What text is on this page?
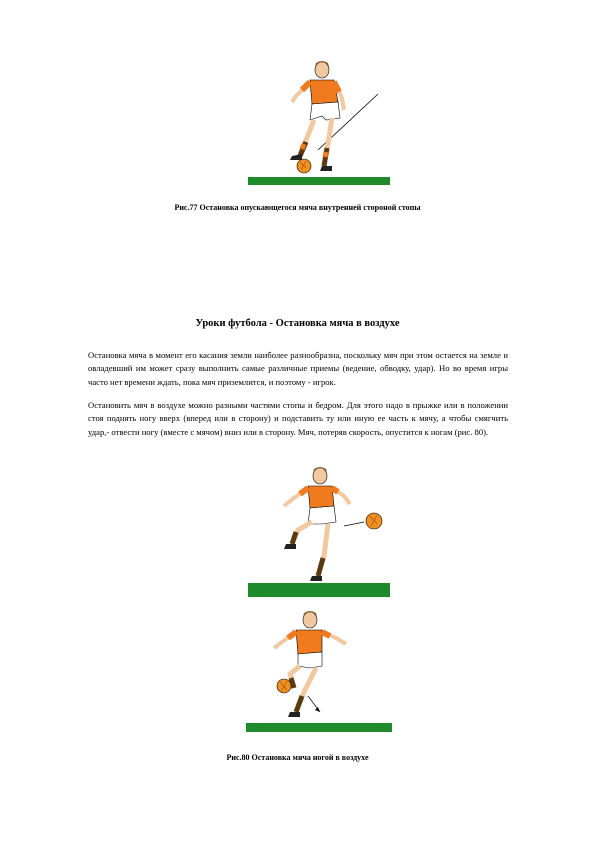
Рис.77 Остановка опускающегося мяча внутренней стороной стопы
Уроки футбола - Остановка мяча в воздухе

Остановка мяча в момент его касания земли наиболее разнообразна, поскольку мяч при этом остается на земле и овладевший им может сразу выполнить самые различные приемы (ведение, обводку, удар). Но во время игры часто нет времени ждать, пока мяч приземлится, и поэтому - игрок.

Остановить мяч в воздухе можно разными частями стопы и бедром. Для этого надо в прыжке или в положении стоя поднять ногу вверх (вперед или в сторону) и подставить ту или иную ее часть к мячу, а чтобы смягчить удар,- отвести ногу (вместе с мячом) вниз или в сторону. Мяч, потеряв скорость, опустится к ногам (рис. 80).

Рис.80 Остановка мяча ногой в воздухе
